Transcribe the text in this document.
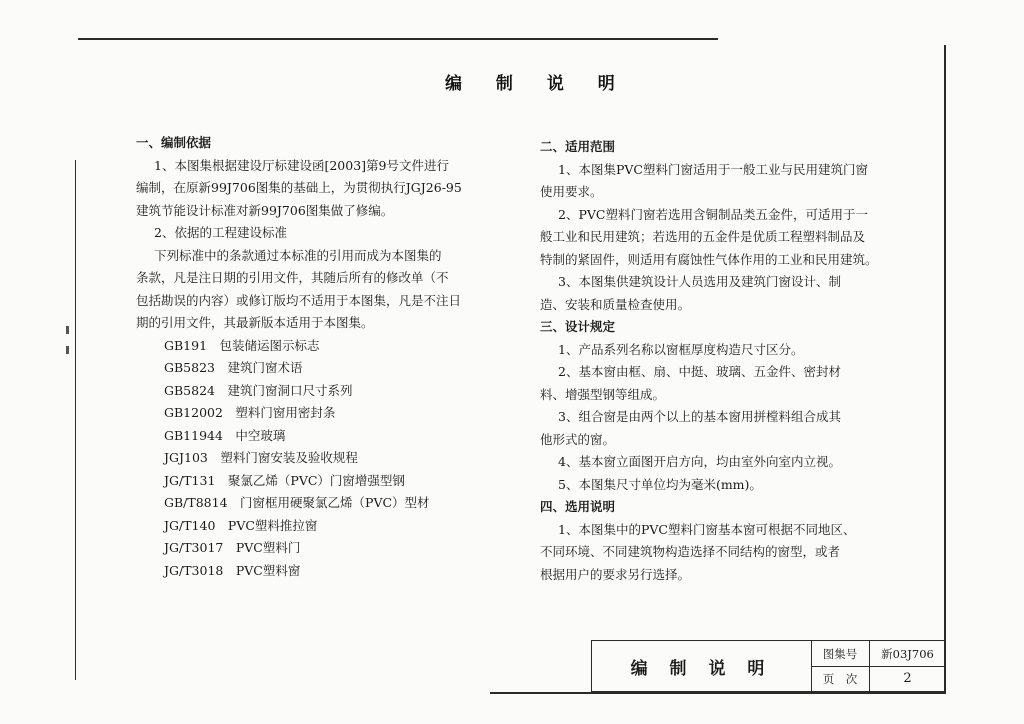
编 制 说 明

一、编制依据

1、本图集根据建设厅标建设函[2003]第9号文件进行

编制，在原新99J706图集的基础上，为贯彻执行JGJ26-95

建筑节能设计标准对新99J706图集做了修编。

2、依据的工程建设标准

下列标准中的条款通过本标准的引用而成为本图集的

条款，凡是注日期的引用文件，其随后所有的修改单（不

包括勘误的内容）或修订版均不适用于本图集，凡是不注日

期的引用文件，其最新版本适用于本图集。

GB191　包装储运图示标志

GB5823　建筑门窗术语

GB5824　建筑门窗洞口尺寸系列

GB12002　塑料门窗用密封条

GB11944　中空玻璃

JGJ103　塑料门窗安装及验收规程

JG/T131　聚氯乙烯（PVC）门窗增强型钢

GB/T8814　门窗框用硬聚氯乙烯（PVC）型材

JG/T140　PVC塑料推拉窗

JG/T3017　PVC塑料门

JG/T3018　PVC塑料窗

二、适用范围

1、本图集PVC塑料门窗适用于一般工业与民用建筑门窗

使用要求。

2、PVC塑料门窗若选用含铜制品类五金件，可适用于一

般工业和民用建筑；若选用的五金件是优质工程塑料制品及

特制的紧固件，则适用有腐蚀性气体作用的工业和民用建筑。

3、本图集供建筑设计人员选用及建筑门窗设计、制

造、安装和质量检查使用。

三、设计规定

1、产品系列名称以窗框厚度构造尺寸区分。

2、基本窗由框、扇、中挺、玻璃、五金件、密封材

料、增强型钢等组成。

3、组合窗是由两个以上的基本窗用拼樘料组合成其

他形式的窗。

4、基本窗立面图开启方向，均由室外向室内立视。

5、本图集尺寸单位均为毫米(mm)。

四、选用说明

1、本图集中的PVC塑料门窗基本窗可根据不同地区、

不同环境、不同建筑物构造选择不同结构的窗型，或者

根据用户的要求另行选择。

编 制 说 明
图集号	新03J706
页　次	2
